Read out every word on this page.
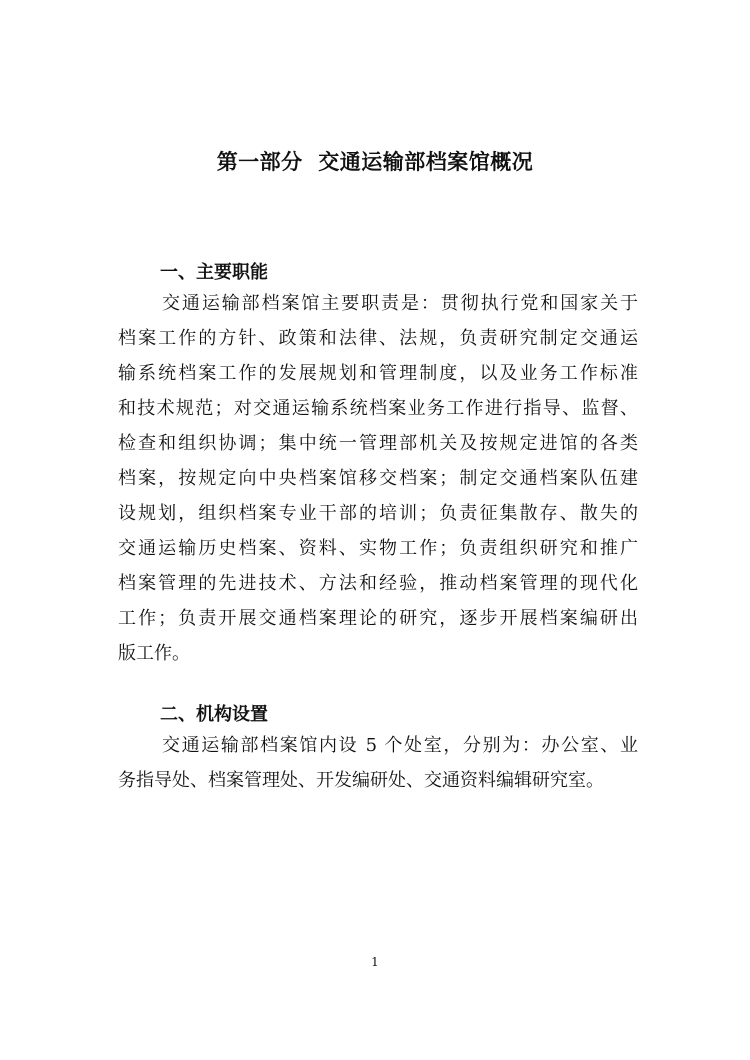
第一部分  交通运输部档案馆概况
一、主要职能
交通运输部档案馆主要职责是：贯彻执行党和国家关于
档案工作的方针、政策和法律、法规，负责研究制定交通运
输系统档案工作的发展规划和管理制度，以及业务工作标准
和技术规范；对交通运输系统档案业务工作进行指导、监督、
检查和组织协调；集中统一管理部机关及按规定进馆的各类
档案，按规定向中央档案馆移交档案；制定交通档案队伍建
设规划，组织档案专业干部的培训；负责征集散存、散失的
交通运输历史档案、资料、实物工作；负责组织研究和推广
档案管理的先进技术、方法和经验，推动档案管理的现代化
工作；负责开展交通档案理论的研究，逐步开展档案编研出
版工作。
二、机构设置
交通运输部档案馆内设 5 个处室，分别为：办公室、业
务指导处、档案管理处、开发编研处、交通资料编辑研究室。
1
